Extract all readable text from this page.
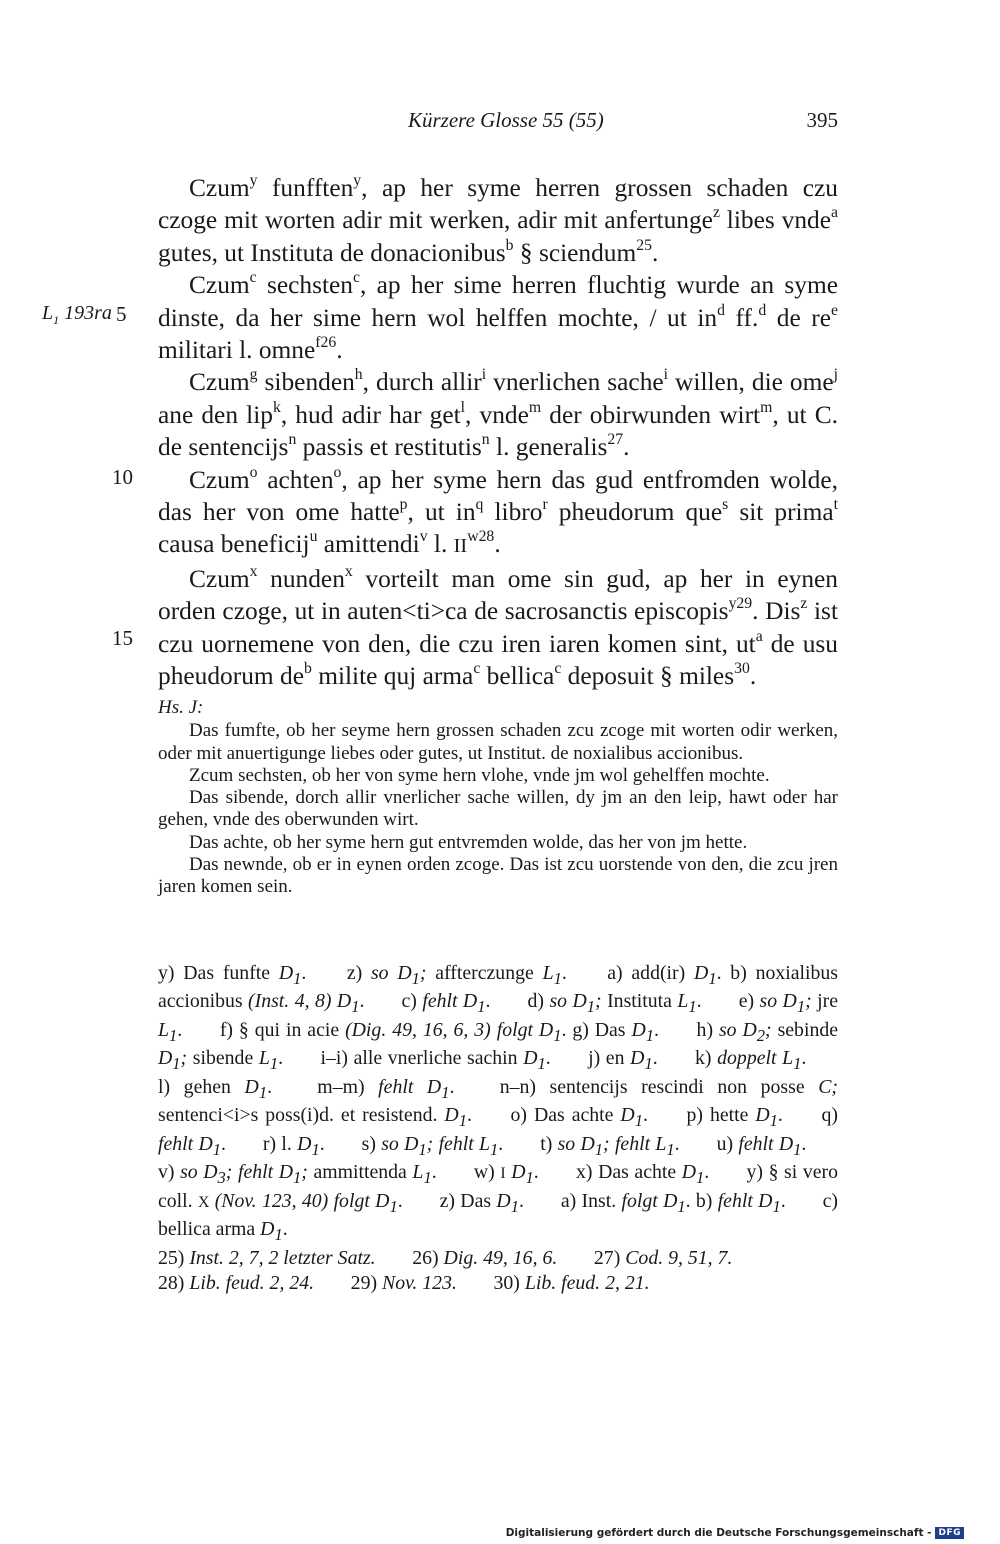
Kürzere Glosse 55 (55)	395
$L_1$ 193ra 5
10
15

Czum$^y$ funfften$^y$, ap her syme herren grossen schaden czu czoge mit worten adir mit werken, adir mit anfertunge$^z$ libes vnde$^a$ gutes, ut Instituta de donacionibus$^b$ § sciendum$^{25}$.

Czum$^c$ sechsten$^c$, ap her sime herren fluchtig wurde an syme dinste, da her sime hern wol helffen mochte, / ut $in^d$ ff.$^d$ de $re^e$ militari l. omne$^{f26}$.

Czum$^g$ sibenden$^h$, durch allir$^i$ vnerlichen sache$^i$ willen, die ome$^j$ ane den lip$^k$, hud adir har get$^l$, vnde$^m$ der obirwunden wirt$^m$, ut C. de sentencijs$^n$ passis et restitutis$^n$ l. generalis$^{27}$.

Czum$^o$ achten$^o$, ap her syme hern das gud entfromden wolde, das her von ome hatte$^p$, ut $in^q$ libro$^r$ pheudorum que$^s$ sit prima$^t$ causa beneficij$^u$ amittendi$^v$ l. $II^{w28}$.

Czum$^x$ nunden$^x$ vorteilt man ome sin gud, ap her in eynen orden czoge, ut in auten<ti>ca de sacrosanctis episcopis$^{y29}$. Dis$^z$ ist czu uornemene von den, die czu iren iaren komen sint, $ut^a$ de usu pheudorum $de^b$ milite quj arma$^c$ bellica$^c$ deposuit § miles$^{30}$.

Hs. J:

Das fumfte, ob her seyme hern grossen schaden zcu zcoge mit worten odir werken, oder mit anuertigunge liebes oder gutes, ut Institut. de noxialibus accionibus.

Zcum sechsten, ob her von syme hern vlohe, vnde jm wol gehelffen mochte.

Das sibende, dorch allir vnerlicher sache willen, dy jm an den leip, hawt oder har gehen, vnde des oberwunden wirt.

Das achte, ob her syme hern gut entvremden wolde, das her von jm hette.

Das newnde, ob er in eynen orden zcoge. Das ist zcu uorstende von den, die zcu jren jaren komen sein.

y) Das funfte $D_1$. z) so $D_1$; affterczunge $L_1$. a) add(ir) $D_1$. b) noxialibus accionibus (Inst. 4, 8) $D_1$. c) fehlt $D_1$. d) so $D_1$; Instituta $L_1$. e) so $D_1$; jre $L_1$. f) § qui in acie (Dig. 49, 16, 6, 3) folgt $D_1$. g) Das $D_1$. h) so $D_2$; sebinde $D_1$; sibende $L_1$. i–i) alle vnerliche sachin $D_1$. j) en $D_1$. k) doppelt $L_1$. l) gehen $D_1$. m–m) fehlt $D_1$. n–n) sentencijs rescindi non posse C; sentenci<i>s poss(i)d. et resistend. $D_1$. o) Das achte $D_1$. p) hette $D_1$. q) fehlt $D_1$. r) l. $D_1$. s) so $D_1$; fehlt $L_1$. t) so $D_1$; fehlt $L_1$. u) fehlt $D_1$. v) so $D_3$; fehlt $D_1$; ammittenda $L_1$. w) I $D_1$. x) Das achte $D_1$. y) § si vero coll. X (Nov. 123, 40) folgt $D_1$. z) Das $D_1$. a) Inst. folgt $D_1$. b) fehlt $D_1$. c) bellica arma $D_1$.

25) Inst. 2, 7, 2 letzter Satz. 26) Dig. 49, 16, 6. 27) Cod. 9, 51, 7.

28) Lib. feud. 2, 24. 29) Nov. 123. 30) Lib. feud. 2, 21.

Digitalisierung gefördert durch die Deutsche Forschungsgemeinschaft - DFG
